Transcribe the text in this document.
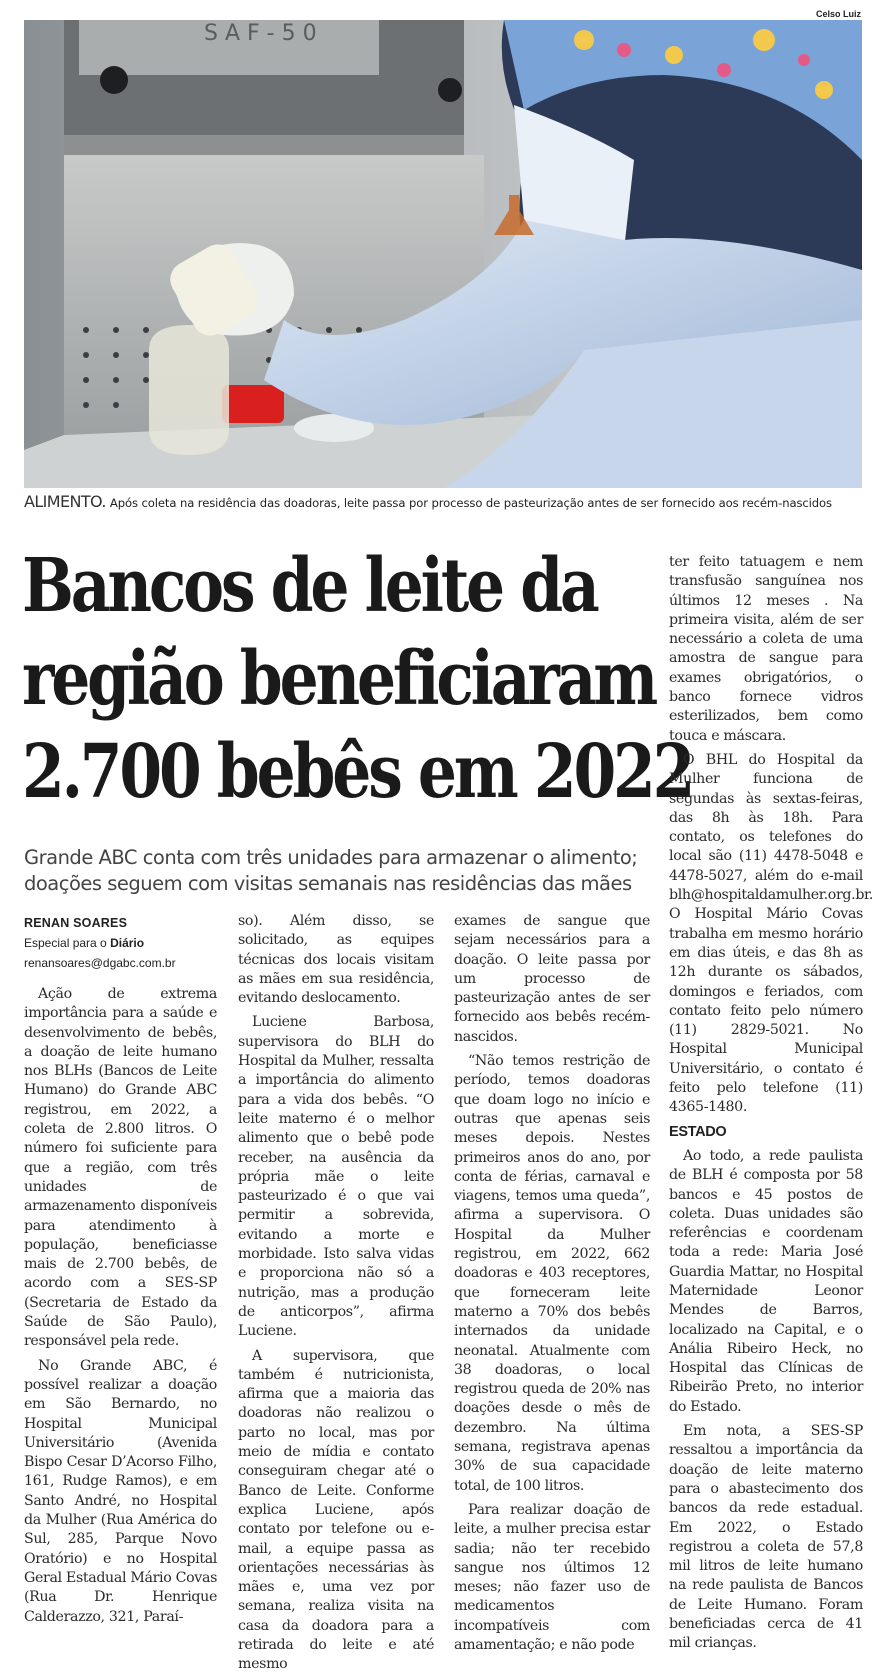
Celso Luiz
S A F - 5 0
ALIMENTO. Após coleta na residência das doadoras, leite passa por processo de pasteurização antes de ser fornecido aos recém-nascidos
Bancos de leite da
região beneficiaram
2.700 bebês em 2022

Grande ABC conta com três unidades para armazenar o alimento;
doações seguem com visitas semanais nas residências das mães

RENAN SOARES
Especial para o Diário
renansoares@dgabc.com.br

Ação de extrema importância para a saúde e desenvolvimento de bebês, a doação de leite humano nos BLHs (Bancos de Leite Humano) do Grande ABC registrou, em 2022, a coleta de 2.800 litros. O número foi suficiente para que a região, com três unidades de armazenamento disponíveis para atendimento à população, beneficiasse mais de 2.700 bebês, de acordo com a SES-SP (Secretaria de Estado da Saúde de São Paulo), responsável pela rede.

No Grande ABC, é possível realizar a doação em São Bernardo, no Hospital Municipal Universitário (Avenida Bispo Cesar D’Acorso Filho, 161, Rudge Ramos), e em Santo André, no Hospital da Mulher (Rua América do Sul, 285, Parque Novo Oratório) e no Hospital Geral Estadual Mário Covas (Rua Dr. Henrique Calderazzo, 321, Paraí-

so). Além disso, se solicitado, as equipes técnicas dos locais visitam as mães em sua residência, evitando deslocamento.

Luciene Barbosa, supervisora do BLH do Hospital da Mulher, ressalta a importância do alimento para a vida dos bebês. “O leite materno é o melhor alimento que o bebê pode receber, na ausência da própria mãe o leite pasteurizado é o que vai permitir a sobrevida, evitando a morte e morbidade. Isto salva vidas e proporciona não só a nutrição, mas a produção de anticorpos”, afirma Luciene.

A supervisora, que também é nutricionista, afirma que a maioria das doadoras não realizou o parto no local, mas por meio de mídia e contato conseguiram chegar até o Banco de Leite. Conforme explica Luciene, após contato por telefone ou e-mail, a equipe passa as orientações necessárias às mães e, uma vez por semana, realiza visita na casa da doadora para a retirada do leite e até mesmo

exames de sangue que sejam necessários para a doação. O leite passa por um processo de pasteurização antes de ser fornecido aos bebês recém-nascidos.

“Não temos restrição de período, temos doadoras que doam logo no início e outras que apenas seis meses depois. Nestes primeiros anos do ano, por conta de férias, carnaval e viagens, temos uma queda”, afirma a supervisora. O Hospital da Mulher registrou, em 2022, 662 doadoras e 403 receptores, que forneceram leite materno a 70% dos bebês internados da unidade neonatal. Atualmente com 38 doadoras, o local registrou queda de 20% nas doações desde o mês de dezembro. Na última semana, registrava apenas 30% de sua capacidade total, de 100 litros.

Para realizar doação de leite, a mulher precisa estar sadia; não ter recebido sangue nos últimos 12 meses; não fazer uso de medicamentos incompatíveis com amamentação; e não pode

ter feito tatuagem e nem transfusão sanguínea nos últimos 12 meses . Na primeira visita, além de ser necessário a coleta de uma amostra de sangue para exames obrigatórios, o banco fornece vidros esterilizados, bem como touca e máscara.

O BHL do Hospital da Mulher funciona de segundas às sextas-feiras, das 8h às 18h. Para contato, os telefones do local são (11) 4478-5048 e 4478-5027, além do e-mail blh@hospitaldamulher.org.br. O Hospital Mário Covas trabalha em mesmo horário em dias úteis, e das 8h as 12h durante os sábados, domingos e feriados, com contato feito pelo número (11) 2829-5021. No Hospital Municipal Universitário, o contato é feito pelo telefone (11) 4365-1480.

ESTADO

Ao todo, a rede paulista de BLH é composta por 58 bancos e 45 postos de coleta. Duas unidades são referências e coordenam toda a rede: Maria José Guardia Mattar, no Hospital Maternidade Leonor Mendes de Barros, localizado na Capital, e o Anália Ribeiro Heck, no Hospital das Clínicas de Ribeirão Preto, no interior do Estado.

Em nota, a SES-SP ressaltou a importância da doação de leite materno para o abastecimento dos bancos da rede estadual. Em 2022, o Estado registrou a coleta de 57,8 mil litros de leite humano na rede paulista de Bancos de Leite Humano. Foram beneficiadas cerca de 41 mil crianças.
